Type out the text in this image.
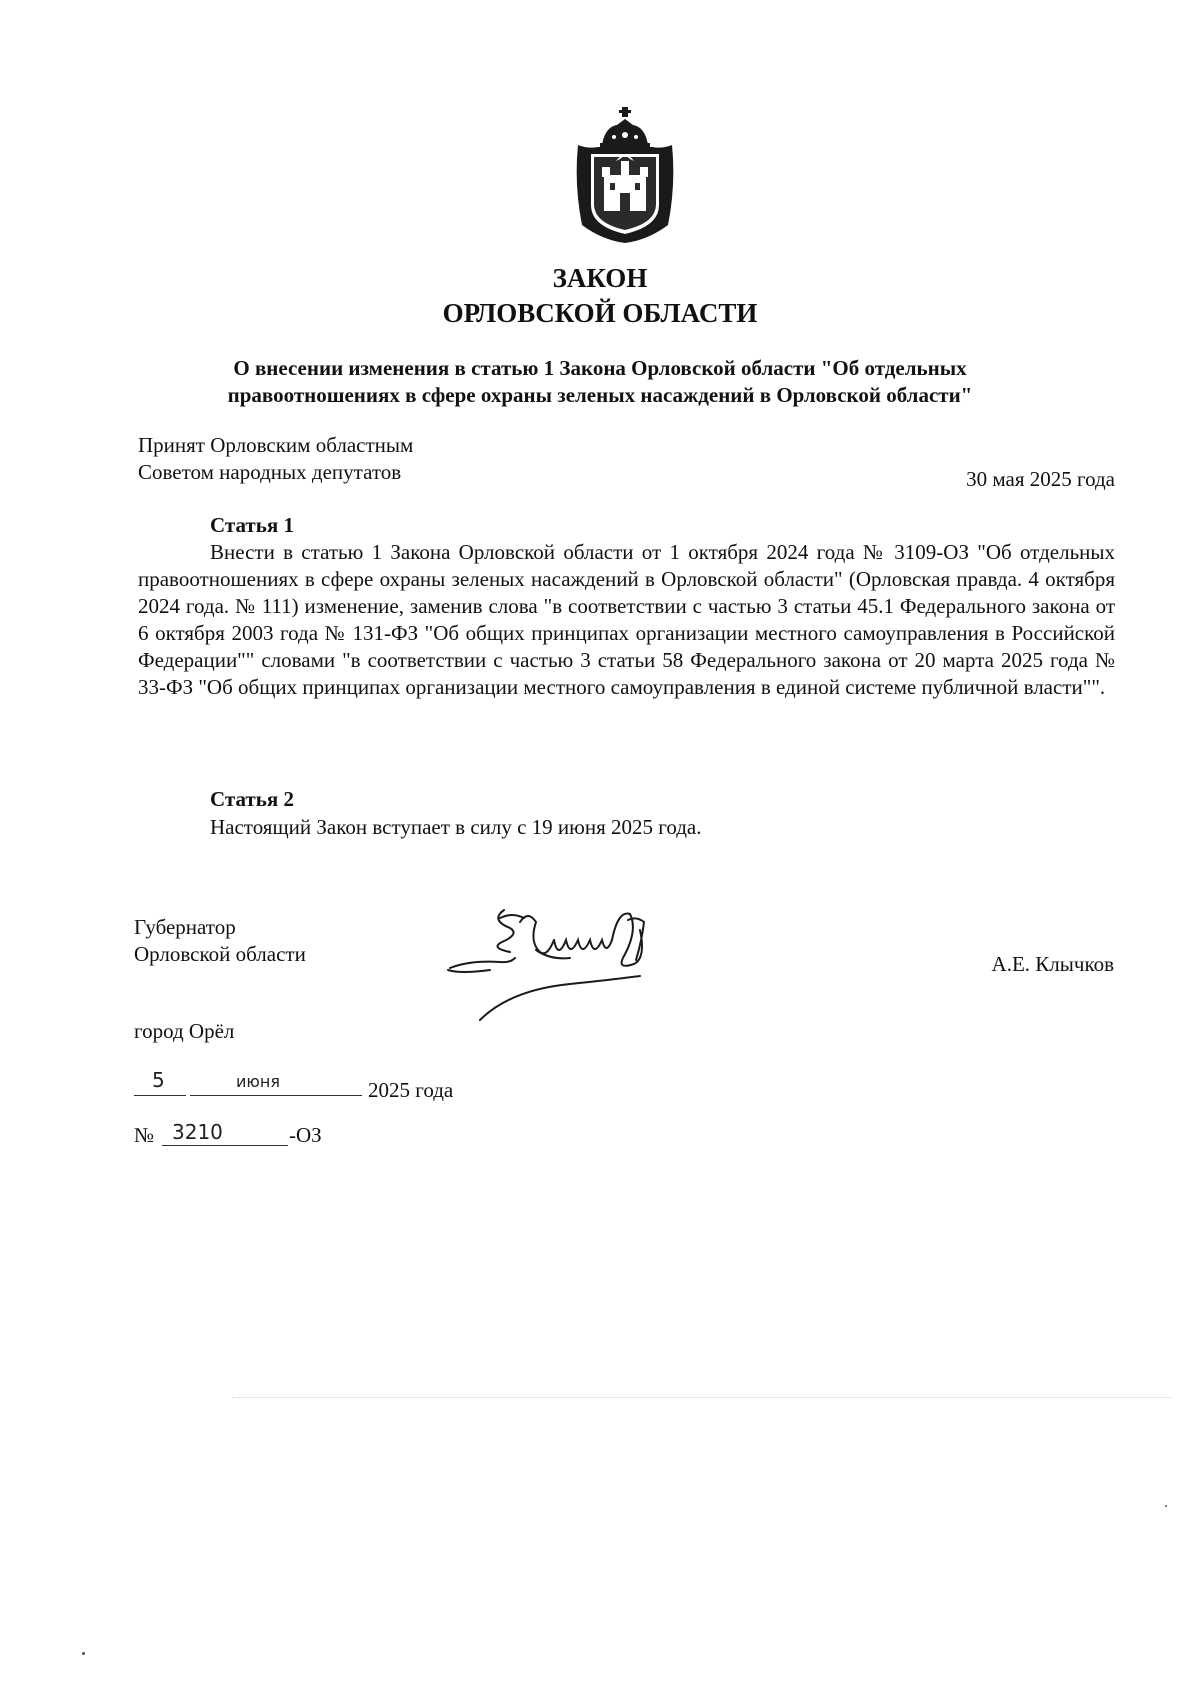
ЗАКОН
ОРЛОВСКОЙ ОБЛАСТИ
О внесении изменения в статью 1 Закона Орловской области "Об отдельных
правоотношениях в сфере охраны зеленых насаждений в Орловской области"
Принят Орловским областным
Советом народных депутатов	30 мая 2025 года
Статья 1
Внести в статью 1 Закона Орловской области от 1 октября 2024 года № 3109-ОЗ "Об отдельных правоотношениях в сфере охраны зеленых насаждений в Орловской области" (Орловская правда. 4 октября 2024 года. № 111) изменение, заменив слова "в соответствии с частью 3 статьи 45.1 Федерального закона от 6 октября 2003 года № 131-ФЗ "Об общих принципах организации местного самоуправления в Российской Федерации"" словами "в соответствии с частью 3 статьи 58 Федерального закона от 20 марта 2025 года № 33-ФЗ "Об общих принципах организации местного самоуправления в единой системе публичной власти"".
Статья 2
Настоящий Закон вступает в силу с 19 июня 2025 года.
Губернатор
Орловской области	А.Е. Клычков
город Орёл
5	июня	2025 года
№ 3210	-ОЗ
